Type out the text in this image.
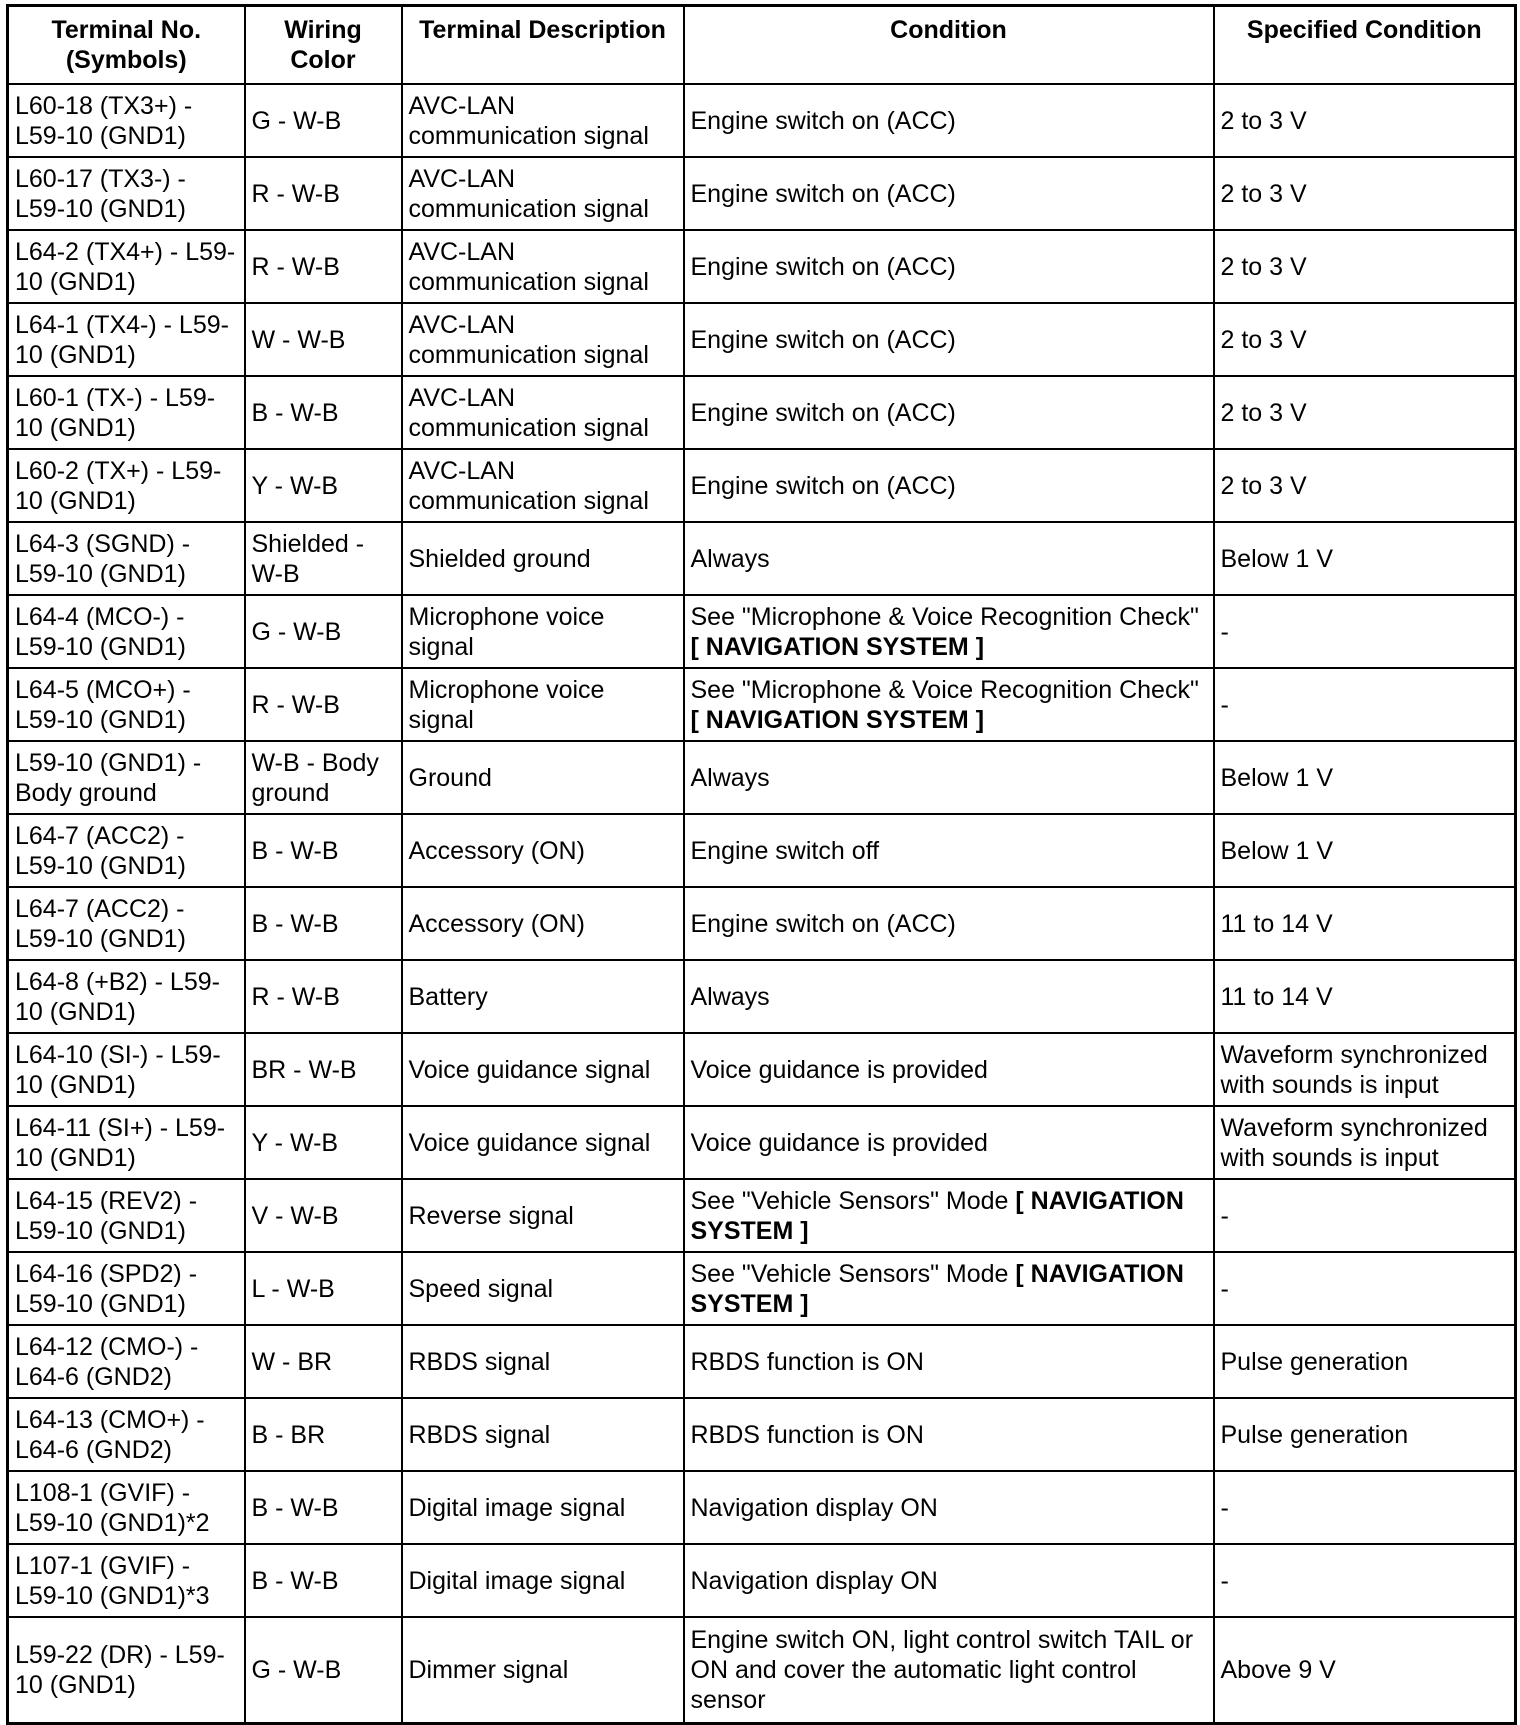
Terminal No. (Symbols)	Wiring Color	Terminal Description	Condition	Specified Condition
L60-18 (TX3+) - L59-10 (GND1)	G - W-B	AVC-LAN communication signal	Engine switch on (ACC)	2 to 3 V
L60-17 (TX3-) - L59-10 (GND1)	R - W-B	AVC-LAN communication signal	Engine switch on (ACC)	2 to 3 V
L64-2 (TX4+) - L59-10 (GND1)	R - W-B	AVC-LAN communication signal	Engine switch on (ACC)	2 to 3 V
L64-1 (TX4-) - L59-10 (GND1)	W - W-B	AVC-LAN communication signal	Engine switch on (ACC)	2 to 3 V
L60-1 (TX-) - L59-10 (GND1)	B - W-B	AVC-LAN communication signal	Engine switch on (ACC)	2 to 3 V
L60-2 (TX+) - L59-10 (GND1)	Y - W-B	AVC-LAN communication signal	Engine switch on (ACC)	2 to 3 V
L64-3 (SGND) - L59-10 (GND1)	Shielded - W-B	Shielded ground	Always	Below 1 V
L64-4 (MCO-) - L59-10 (GND1)	G - W-B	Microphone voice signal	See "Microphone & Voice Recognition Check" [ NAVIGATION SYSTEM ]	-
L64-5 (MCO+) - L59-10 (GND1)	R - W-B	Microphone voice signal	See "Microphone & Voice Recognition Check" [ NAVIGATION SYSTEM ]	-
L59-10 (GND1) - Body ground	W-B - Body ground	Ground	Always	Below 1 V
L64-7 (ACC2) - L59-10 (GND1)	B - W-B	Accessory (ON)	Engine switch off	Below 1 V
L64-7 (ACC2) - L59-10 (GND1)	B - W-B	Accessory (ON)	Engine switch on (ACC)	11 to 14 V
L64-8 (+B2) - L59-10 (GND1)	R - W-B	Battery	Always	11 to 14 V
L64-10 (SI-) - L59-10 (GND1)	BR - W-B	Voice guidance signal	Voice guidance is provided	Waveform synchronized with sounds is input
L64-11 (SI+) - L59-10 (GND1)	Y - W-B	Voice guidance signal	Voice guidance is provided	Waveform synchronized with sounds is input
L64-15 (REV2) - L59-10 (GND1)	V - W-B	Reverse signal	See "Vehicle Sensors" Mode [ NAVIGATION SYSTEM ]	-
L64-16 (SPD2) - L59-10 (GND1)	L - W-B	Speed signal	See "Vehicle Sensors" Mode [ NAVIGATION SYSTEM ]	-
L64-12 (CMO-) - L64-6 (GND2)	W - BR	RBDS signal	RBDS function is ON	Pulse generation
L64-13 (CMO+) - L64-6 (GND2)	B - BR	RBDS signal	RBDS function is ON	Pulse generation
L108-1 (GVIF) - L59-10 (GND1)*2	B - W-B	Digital image signal	Navigation display ON	-
L107-1 (GVIF) - L59-10 (GND1)*3	B - W-B	Digital image signal	Navigation display ON	-
L59-22 (DR) - L59-10 (GND1)	G - W-B	Dimmer signal	Engine switch ON, light control switch TAIL or ON and cover the automatic light control sensor	Above 9 V
